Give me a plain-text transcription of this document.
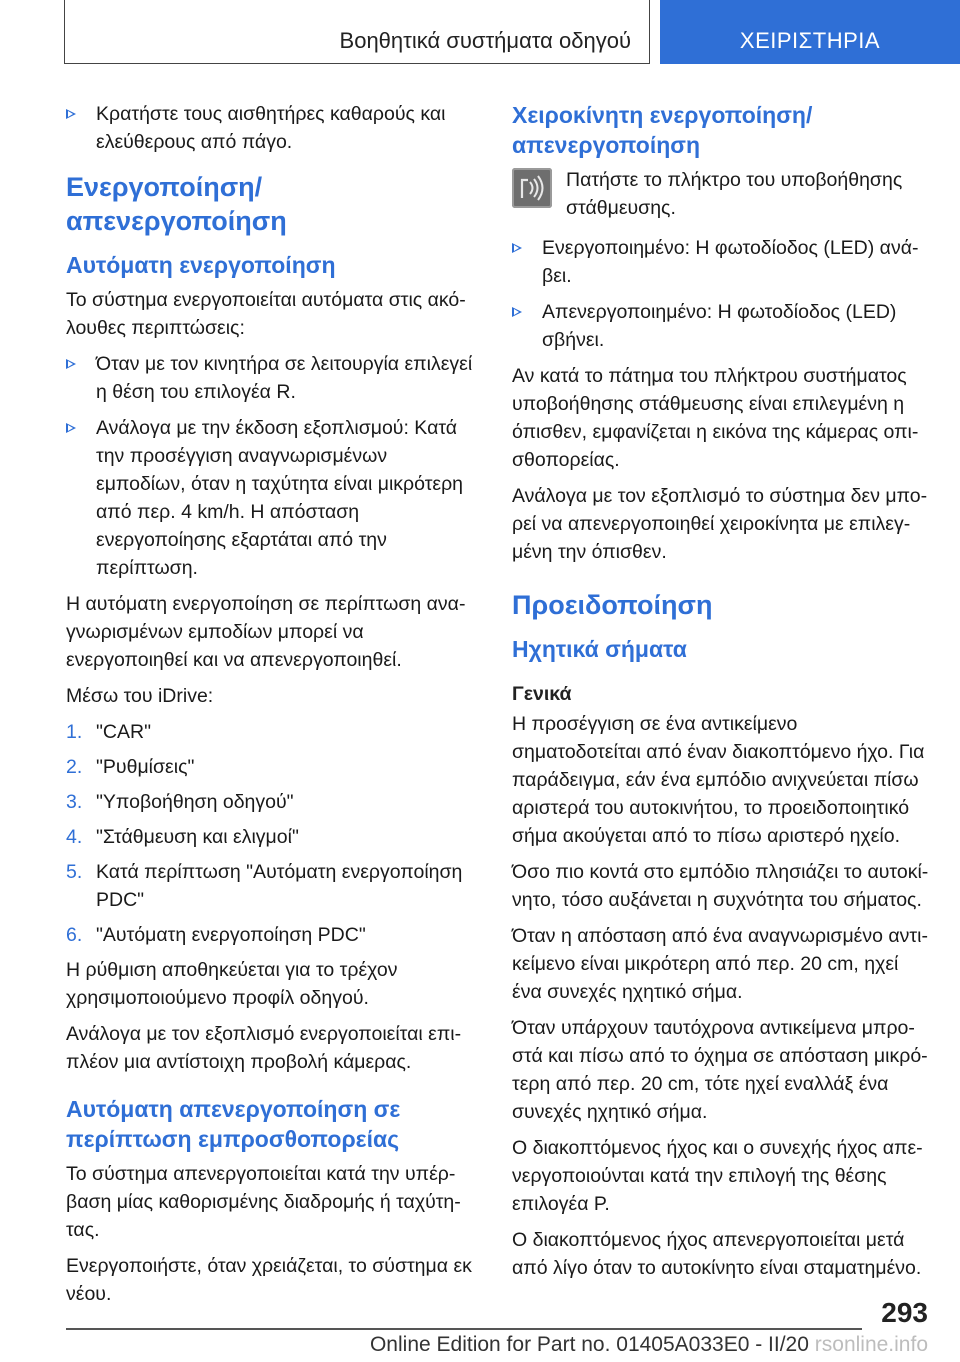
Βοηθητικά συστήματα οδηγού	ΧΕΙΡΙΣΤΗΡΙΑ
Κρατήστε τους αισθητήρες καθαρούς και ελεύθερους από πάγο.
Ενεργοποίηση/απενεργοποίηση
Αυτόματη ενεργοποίηση

Το σύστημα ενεργοποιείται αυτόματα στις ακόλουθες περιπτώσεις:

Όταν με τον κινητήρα σε λειτουργία επιλεγεί η θέση του επιλογέα R.
Ανάλογα με την έκδοση εξοπλισμού: Κατά την προσέγγιση αναγνωρισμένων εμποδίων, όταν η ταχύτητα είναι μικρότερη από περ. 4 km/h. Η απόσταση ενεργοποίησης εξαρτάται από την περίπτωση.

Η αυτόματη ενεργοποίηση σε περίπτωση αναγνωρισμένων εμποδίων μπορεί να ενεργοποιηθεί και να απενεργοποιηθεί.

Μέσω του iDrive:

1. "CAR"
2. "Ρυθμίσεις"
3. "Υποβοήθηση οδηγού"
4. "Στάθμευση και ελιγμοί"
5. Κατά περίπτωση "Αυτόματη ενεργοποίηση PDC"
6. "Αυτόματη ενεργοποίηση PDC"

Η ρύθμιση αποθηκεύεται για το τρέχον χρησιμοποιούμενο προφίλ οδηγού.

Ανάλογα με τον εξοπλισμό ενεργοποιείται επιπλέον μια αντίστοιχη προβολή κάμερας.

Αυτόματη απενεργοποίηση σε περίπτωση εμπροσθοπορείας

Το σύστημα απενεργοποιείται κατά την υπέρβαση μίας καθορισμένης διαδρομής ή ταχύτητας.

Ενεργοποιήστε, όταν χρειάζεται, το σύστημα εκ νέου.

Χειροκίνητη ενεργοποίηση/ απενεργοποίηση
Πατήστε το πλήκτρο του υποβοήθησης στάθμευσης.
Ενεργοποιημένο: Η φωτοδίοδος (LED) ανάβει.
Απενεργοποιημένο: Η φωτοδίοδος (LED) σβήνει.

Αν κατά το πάτημα του πλήκτρου συστήματος υποβοήθησης στάθμευσης είναι επιλεγμένη η όπισθεν, εμφανίζεται η εικόνα της κάμερας οπισθοπορείας.

Ανάλογα με τον εξοπλισμό το σύστημα δεν μπορεί να απενεργοποιηθεί χειροκίνητα με επιλεγμένη την όπισθεν.

Προειδοποίηση
Ηχητικά σήματα
Γενικά

Η προσέγγιση σε ένα αντικείμενο σηματοδοτείται από έναν διακοπτόμενο ήχο. Για παράδειγμα, εάν ένα εμπόδιο ανιχνεύεται πίσω αριστερά του αυτοκινήτου, το προειδοποιητικό σήμα ακούγεται από το πίσω αριστερό ηχείο.

Όσο πιο κοντά στο εμπόδιο πλησιάζει το αυτοκίνητο, τόσο αυξάνεται η συχνότητα του σήματος.

Όταν η απόσταση από ένα αναγνωρισμένο αντικείμενο είναι μικρότερη από περ. 20 cm, ηχεί ένα συνεχές ηχητικό σήμα.

Όταν υπάρχουν ταυτόχρονα αντικείμενα μπροστά και πίσω από το όχημα σε απόσταση μικρότερη από περ. 20 cm, τότε ηχεί εναλλάξ ένα συνεχές ηχητικό σήμα.

Ο διακοπτόμενος ήχος και ο συνεχής ήχος απενεργοποιούνται κατά την επιλογή της θέσης επιλογέα P.

Ο διακοπτόμενος ήχος απενεργοποιείται μετά από λίγο όταν το αυτοκίνητο είναι σταματημένο.

293
Online Edition for Part no. 01405A033E0 - II/20 rsonline.info
